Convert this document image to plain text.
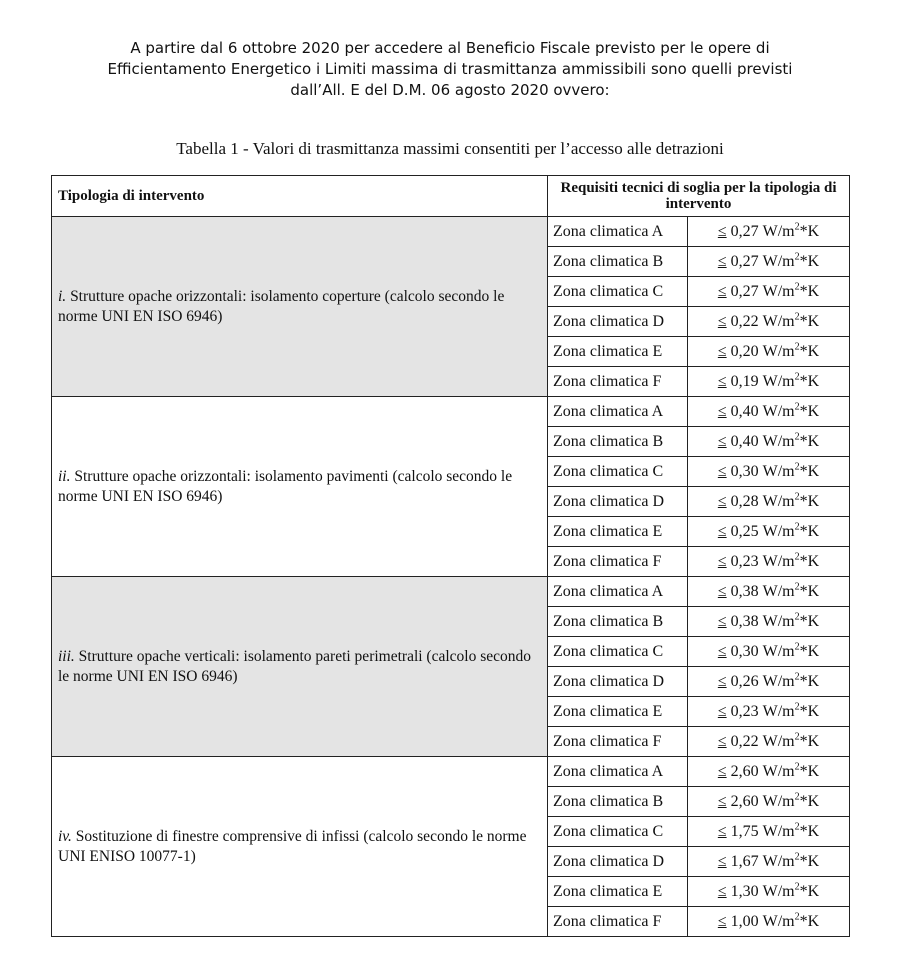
A partire dal 6 ottobre 2020 per accedere al Beneficio Fiscale previsto per le opere di
Efficientamento Energetico i Limiti massima di trasmittanza ammissibili sono quelli previsti
dall’All. E del D.M. 06 agosto 2020 ovvero:
Tabella 1 - Valori di trasmittanza massimi consentiti per l’accesso alle detrazioni
Tipologia di intervento	Requisiti tecnici di soglia per la tipologia di intervento	
i. Strutture opache orizzontali: isolamento coperture (calcolo secondo le norme UNI EN ISO 6946)	Zona climatica A	≤ 0,27 $W/m^2*K$
	Zona climatica B	≤ 0,27 $W/m^2*K$
	Zona climatica C	≤ 0,27 $W/m^2*K$
	Zona climatica D	≤ 0,22 $W/m^2*K$
	Zona climatica E	≤ 0,20 $W/m^2*K$
	Zona climatica F	≤ 0,19 $W/m^2*K$
ii. Strutture opache orizzontali: isolamento pavimenti (calcolo secondo le norme UNI EN ISO 6946)	Zona climatica A	≤ 0,40 $W/m^2*K$
	Zona climatica B	≤ 0,40 $W/m^2*K$
	Zona climatica C	≤ 0,30 $W/m^2*K$
	Zona climatica D	≤ 0,28 $W/m^2*K$
	Zona climatica E	≤ 0,25 $W/m^2*K$
	Zona climatica F	≤ 0,23 $W/m^2*K$
iii. Strutture opache verticali: isolamento pareti perimetrali (calcolo secondo le norme UNI EN ISO 6946)	Zona climatica A	≤ 0,38 $W/m^2*K$
	Zona climatica B	≤ 0,38 $W/m^2*K$
	Zona climatica C	≤ 0,30 $W/m^2*K$
	Zona climatica D	≤ 0,26 $W/m^2*K$
	Zona climatica E	≤ 0,23 $W/m^2*K$
	Zona climatica F	≤ 0,22 $W/m^2*K$
iv. Sostituzione di finestre comprensive di infissi (calcolo secondo le norme UNI ENISO 10077-1)	Zona climatica A	≤ 2,60 $W/m^2*K$
	Zona climatica B	≤ 2,60 $W/m^2*K$
	Zona climatica C	≤ 1,75 $W/m^2*K$
	Zona climatica D	≤ 1,67 $W/m^2*K$
	Zona climatica E	≤ 1,30 $W/m^2*K$
	Zona climatica F	≤ 1,00 $W/m^2*K$
